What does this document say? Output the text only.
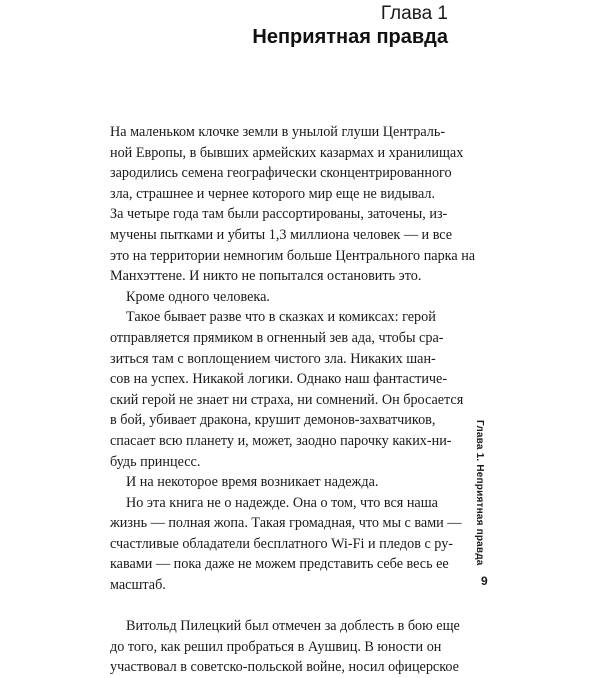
Глава 1
Неприятная правда
На маленьком клочке земли в унылой глуши Централь-
ной Европы, в бывших армейских казармах и хранилищах
зародились семена географически сконцентрированного
зла, страшнее и чернее которого мир еще не видывал.
За четыре года там были рассортированы, заточены, из-
мучены пытками и убиты 1,3 миллиона человек — и все
это на территории немногим больше Центрального парка на
Манхэттене. И никто не попытался остановить это.
Кроме одного человека.
Такое бывает разве что в сказках и комиксах: герой
отправляется прямиком в огненный зев ада, чтобы сра-
зиться там с воплощением чистого зла. Никаких шан-
сов на успех. Никакой логики. Однако наш фантастиче-
ский герой не знает ни страха, ни сомнений. Он бросается
в бой, убивает дракона, крушит демонов-захватчиков,
спасает всю планету и, может, заодно парочку каких-ни-
будь принцесс.
И на некоторое время возникает надежда.
Но эта книга не о надежде. Она о том, что вся наша
жизнь — полная жопа. Такая громадная, что мы с вами —
счастливые обладатели бесплатного Wi-Fi и пледов с ру-
кавами — пока даже не можем представить себе весь ее
масштаб.
Витольд Пилецкий был отмечен за доблесть в бою еще
до того, как решил пробраться в Аушвиц. В юности он
участвовал в советско-польской войне, носил офицерское
Глава 1. Неприятная правда
9
